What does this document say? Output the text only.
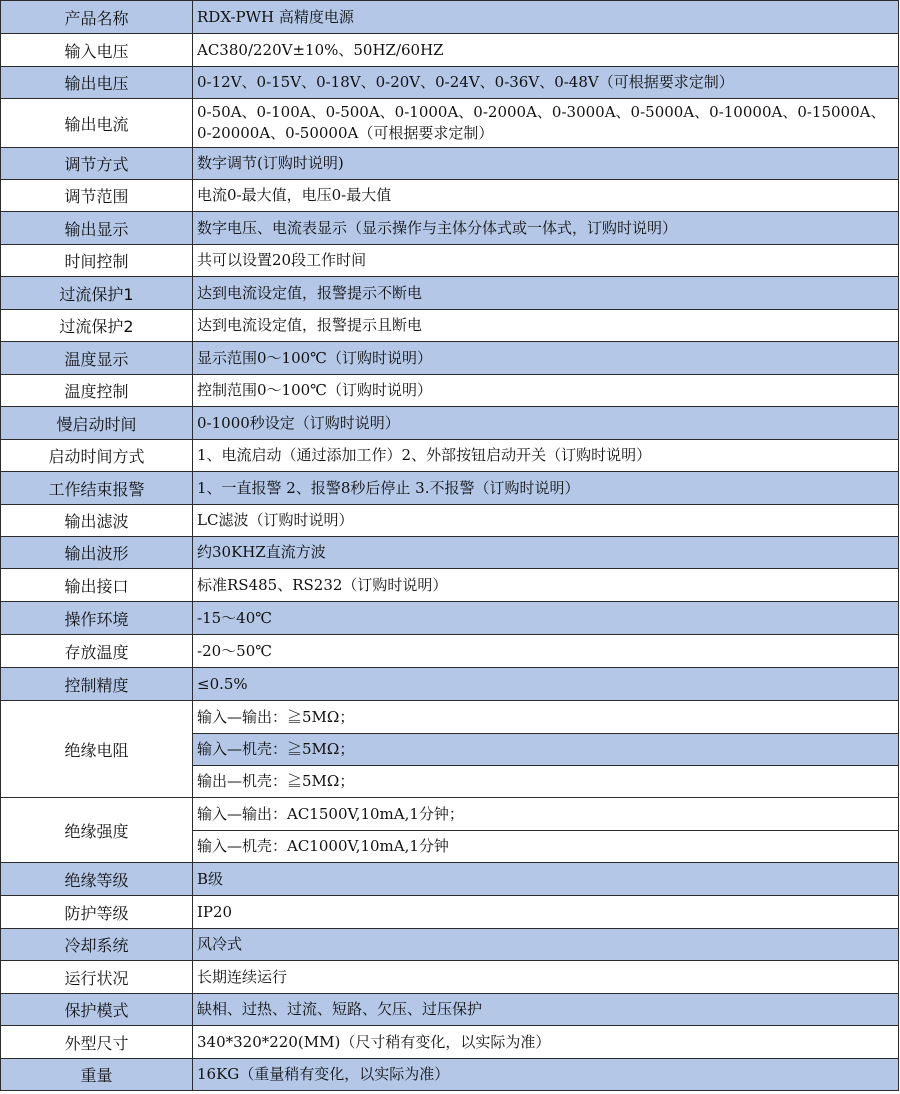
产品名称	RDX-PWH 高精度电源
输入电压	AC380/220V±10%、50HZ/60HZ
输出电压	0-12V、0-15V、0-18V、0-20V、0-24V、0-36V、0-48V（可根据要求定制）
输出电流	0-50A、0-100A、0-500A、0-1000A、0-2000A、0-3000A、0-5000A、0-10000A、0-15000A、0-20000A、0-50000A（可根据要求定制）
调节方式	数字调节(订购时说明)
调节范围	电流0-最大值，电压0-最大值
输出显示	数字电压、电流表显示（显示操作与主体分体式或一体式，订购时说明）
时间控制	共可以设置20段工作时间
过流保护1	达到电流设定值，报警提示不断电
过流保护2	达到电流设定值，报警提示且断电
温度显示	显示范围0～100℃（订购时说明）
温度控制	控制范围0～100℃（订购时说明）
慢启动时间	0-1000秒设定（订购时说明）
启动时间方式	1、电流启动（通过添加工作）2、外部按钮启动开关（订购时说明）
工作结束报警	1、一直报警 2、报警8秒后停止 3.不报警（订购时说明）
输出滤波	LC滤波（订购时说明）
输出波形	约30KHZ直流方波
输出接口	标准RS485、RS232（订购时说明）
操作环境	-15～40℃
存放温度	-20～50℃
控制精度	≤0.5%
绝缘电阻	输入—输出：≧5MΩ；
	输入—机壳：≧5MΩ；
	输出—机壳：≧5MΩ；
绝缘强度	输入—输出：AC1500V,10mA,1分钟；
	输入—机壳：AC1000V,10mA,1分钟
绝缘等级	B级
防护等级	IP20
冷却系统	风冷式
运行状况	长期连续运行
保护模式	缺相、过热、过流、短路、欠压、过压保护
外型尺寸	340*320*220(MM)（尺寸稍有变化，以实际为准）
重量	16KG（重量稍有变化，以实际为准）
